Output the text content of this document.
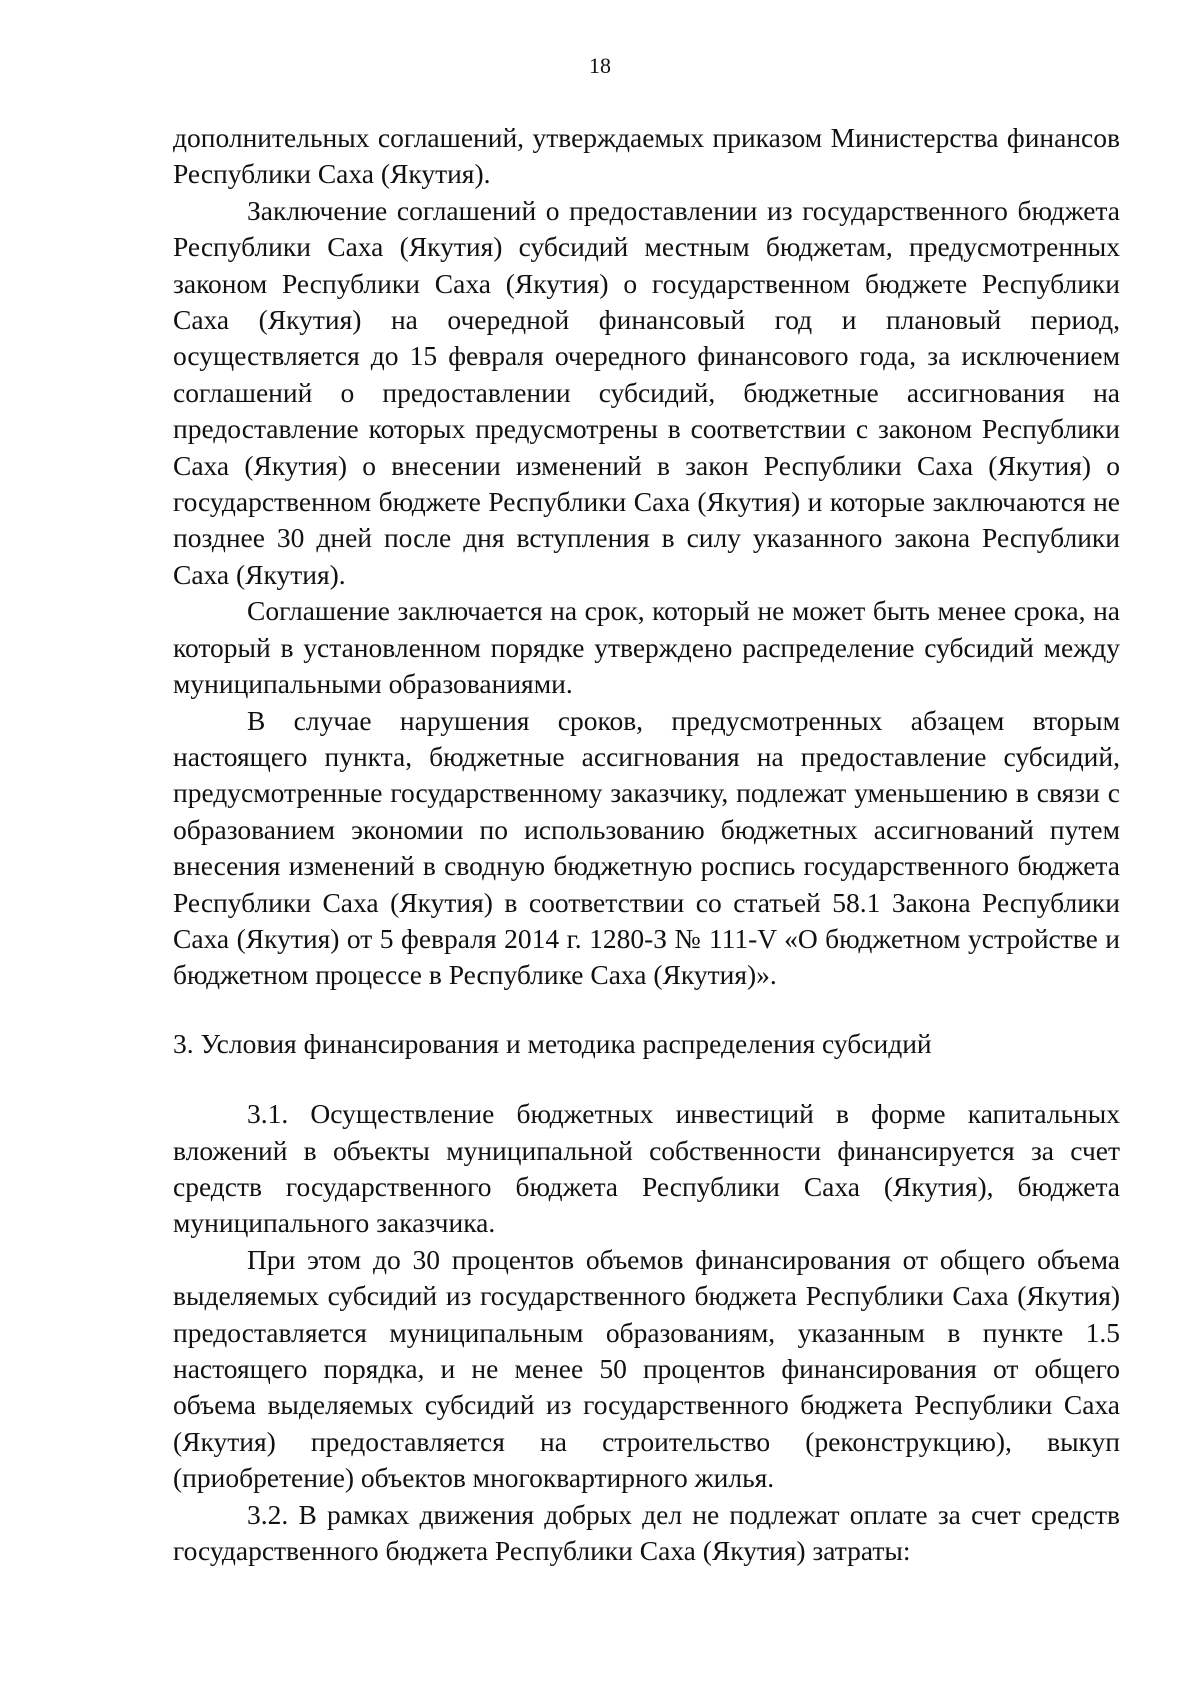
18

дополнительных соглашений, утверждаемых приказом Министерства финансов Республики Саха (Якутия).

Заключение соглашений о предоставлении из государственного бюджета Республики Саха (Якутия) субсидий местным бюджетам, предусмотренных законом Республики Саха (Якутия) о государственном бюджете Республики Саха (Якутия) на очередной финансовый год и плановый период, осуществляется до 15 февраля очередного финансового года, за исключением соглашений о предоставлении субсидий, бюджетные ассигнования на предоставление которых предусмотрены в соответствии с законом Республики Саха (Якутия) о внесении изменений в закон Республики Саха (Якутия) о государственном бюджете Республики Саха (Якутия) и которые заключаются не позднее 30 дней после дня вступления в силу указанного закона Республики Саха (Якутия).

Соглашение заключается на срок, который не может быть менее срока, на который в установленном порядке утверждено распределение субсидий между муниципальными образованиями.

В случае нарушения сроков, предусмотренных абзацем вторым настоящего пункта, бюджетные ассигнования на предоставление субсидий, предусмотренные государственному заказчику, подлежат уменьшению в связи с образованием экономии по использованию бюджетных ассигнований путем внесения изменений в сводную бюджетную роспись государственного бюджета Республики Саха (Якутия) в соответствии со статьей 58.1 Закона Республики Саха (Якутия) от 5 февраля 2014 г. 1280-З № 111-V «О бюджетном устройстве и бюджетном процессе в Республике Саха (Якутия)».

3. Условия финансирования и методика распределения субсидий

3.1. Осуществление бюджетных инвестиций в форме капитальных вложений в объекты муниципальной собственности финансируется за счет средств государственного бюджета Республики Саха (Якутия), бюджета муниципального заказчика.

При этом до 30 процентов объемов финансирования от общего объема выделяемых субсидий из государственного бюджета Республики Саха (Якутия) предоставляется муниципальным образованиям, указанным в пункте 1.5 настоящего порядка, и не менее 50 процентов финансирования от общего объема выделяемых субсидий из государственного бюджета Республики Саха (Якутия) предоставляется на строительство (реконструкцию), выкуп (приобретение) объектов многоквартирного жилья.

3.2. В рамках движения добрых дел не подлежат оплате за счет средств государственного бюджета Республики Саха (Якутия) затраты:
